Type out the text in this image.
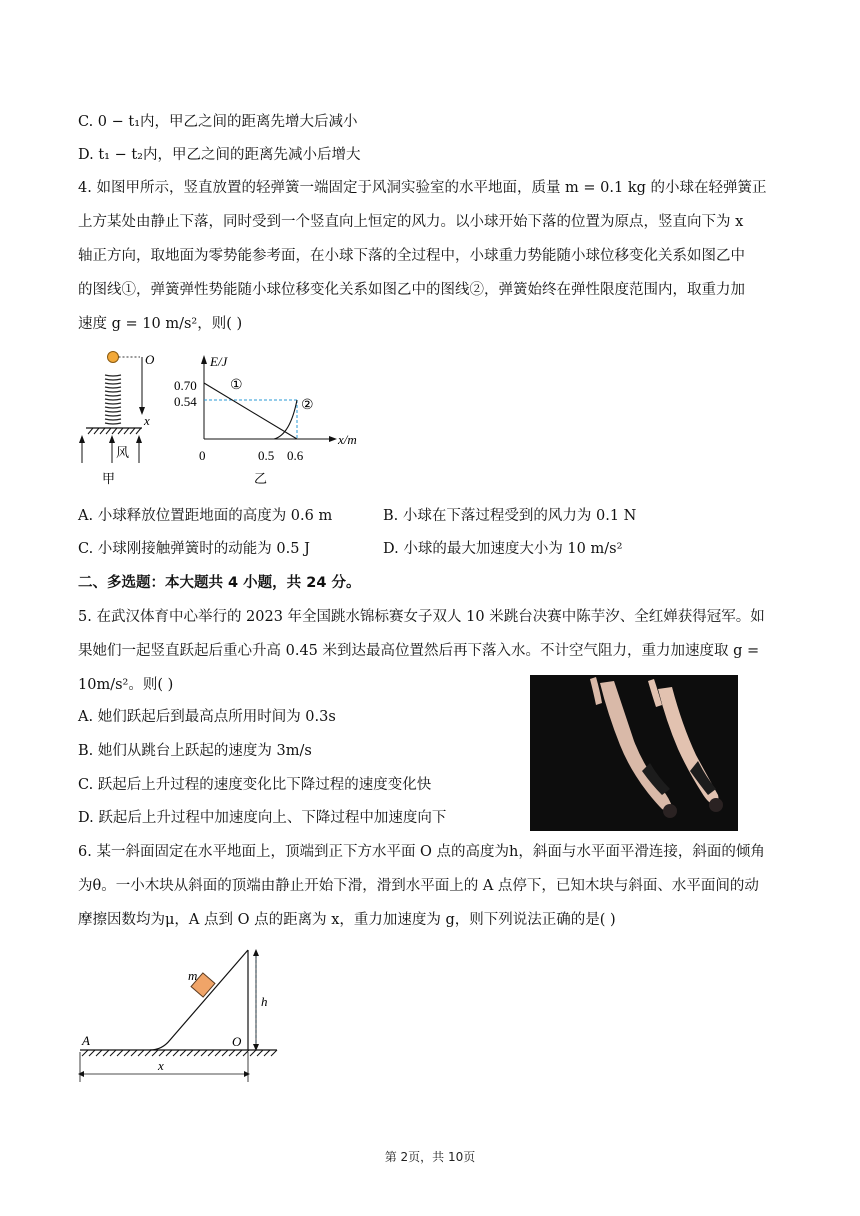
C. 0 − t₁内，甲乙之间的距离先增大后减小
D. t₁ − t₂内，甲乙之间的距离先减小后增大
4. 如图甲所示，竖直放置的轻弹簧一端固定于风洞实验室的水平地面，质量 m = 0.1 kg 的小球在轻弹簧正
上方某处由静止下落，同时受到一个竖直向上恒定的风力。以小球开始下落的位置为原点，竖直向下为 x
轴正方向，取地面为零势能参考面，在小球下落的全过程中，小球重力势能随小球位移变化关系如图乙中
的图线①，弹簧弹性势能随小球位移变化关系如图乙中的图线②，弹簧始终在弹性限度范围内，取重力加
速度 g = 10 m/s²，则( )
O
x
风
甲
E/J
x/m
0.70
0.54
0	0.5 0.6
①
②
乙
A. 小球释放位置距地面的高度为 0.6 m	B. 小球在下落过程受到的风力为 0.1 N
C. 小球刚接触弹簧时的动能为 0.5 J	D. 小球的最大加速度大小为 10 m/s²
二、多选题：本大题共 4 小题，共 24 分。
5. 在武汉体育中心举行的 2023 年全国跳水锦标赛女子双人 10 米跳台决赛中陈芋汐、全红婵获得冠军。如
果她们一起竖直跃起后重心升高 0.45 米到达最高位置然后再下落入水。不计空气阻力，重力加速度取 g =
10m/s²。则( )
A. 她们跃起后到最高点所用时间为 0.3s
B. 她们从跳台上跃起的速度为 3m/s
C. 跃起后上升过程的速度变化比下降过程的速度变化快
D. 跃起后上升过程中加速度向上、下降过程中加速度向下
6. 某一斜面固定在水平地面上，顶端到正下方水平面 O 点的高度为h，斜面与水平面平滑连接，斜面的倾角
为θ。一小木块从斜面的顶端由静止开始下滑，滑到水平面上的 A 点停下，已知木块与斜面、水平面间的动
摩擦因数均为μ，A 点到 O 点的距离为 x，重力加速度为 g，则下列说法正确的是( )
h
m
A	O
x
第 2页，共 10页
